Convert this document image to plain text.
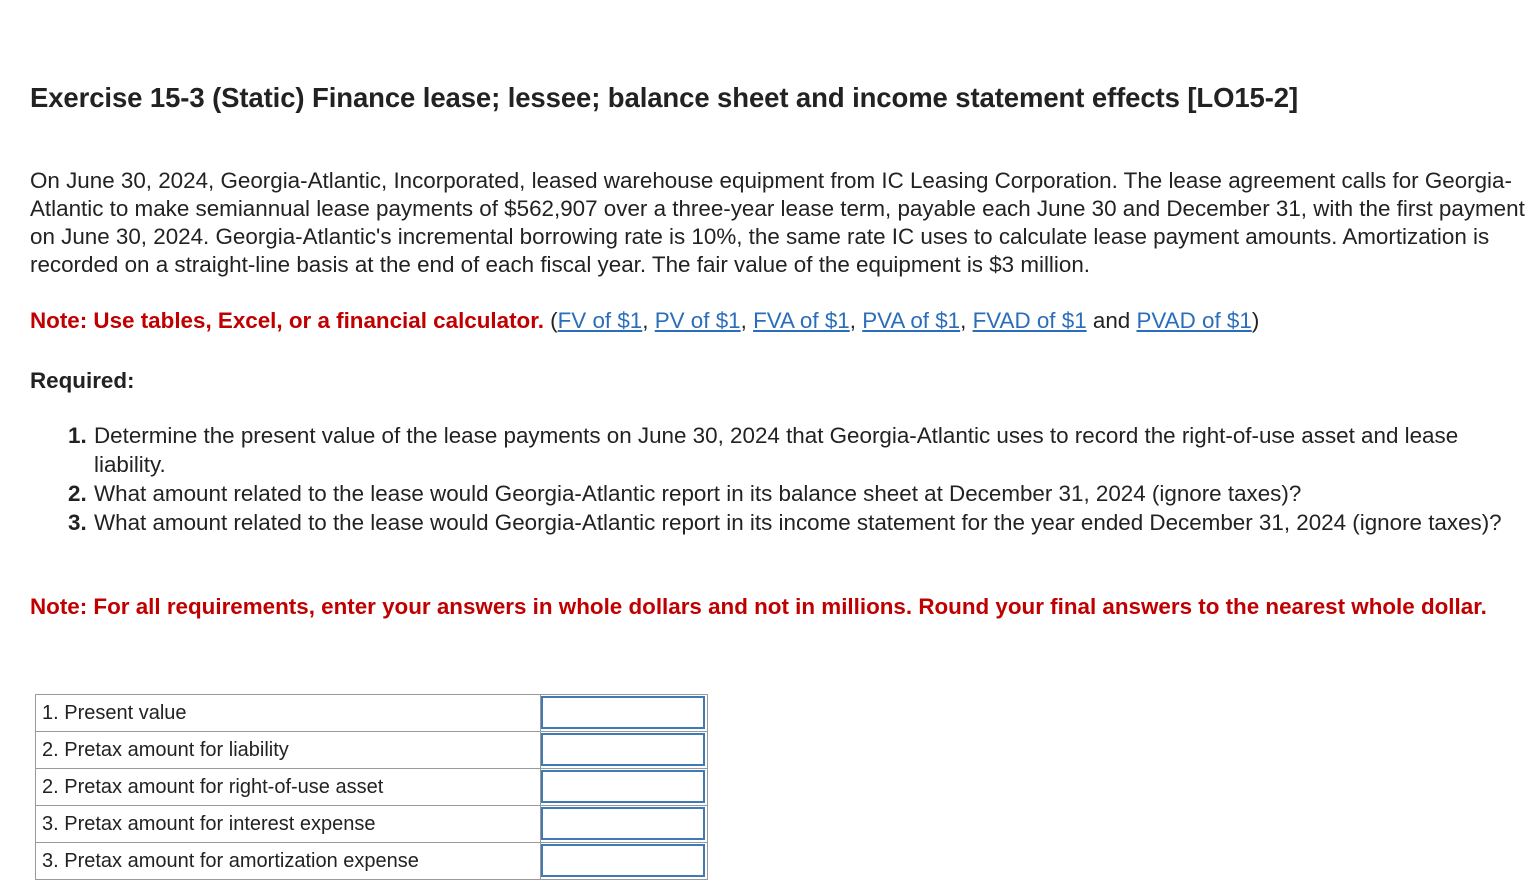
Exercise 15-3 (Static) Finance lease; lessee; balance sheet and income statement effects [LO15-2]
On June 30, 2024, Georgia-Atlantic, Incorporated, leased warehouse equipment from IC Leasing Corporation. The lease agreement calls for Georgia-Atlantic to make semiannual lease payments of $562,907 over a three-year lease term, payable each June 30 and December 31, with the first payment on June 30, 2024. Georgia-Atlantic's incremental borrowing rate is 10%, the same rate IC uses to calculate lease payment amounts. Amortization is recorded on a straight-line basis at the end of each fiscal year. The fair value of the equipment is $3 million.
Note: Use tables, Excel, or a financial calculator. (FV of $1, PV of $1, FVA of $1, PVA of $1, FVAD of $1 and PVAD of $1)
Required:
1. Determine the present value of the lease payments on June 30, 2024 that Georgia-Atlantic uses to record the right-of-use asset and lease liability.
2. What amount related to the lease would Georgia-Atlantic report in its balance sheet at December 31, 2024 (ignore taxes)?
3. What amount related to the lease would Georgia-Atlantic report in its income statement for the year ended December 31, 2024 (ignore taxes)?
Note: For all requirements, enter your answers in whole dollars and not in millions. Round your final answers to the nearest whole dollar.
1. Present value	

2. Pretax amount for liability	

2. Pretax amount for right-of-use asset	

3. Pretax amount for interest expense	

3. Pretax amount for amortization expense	
